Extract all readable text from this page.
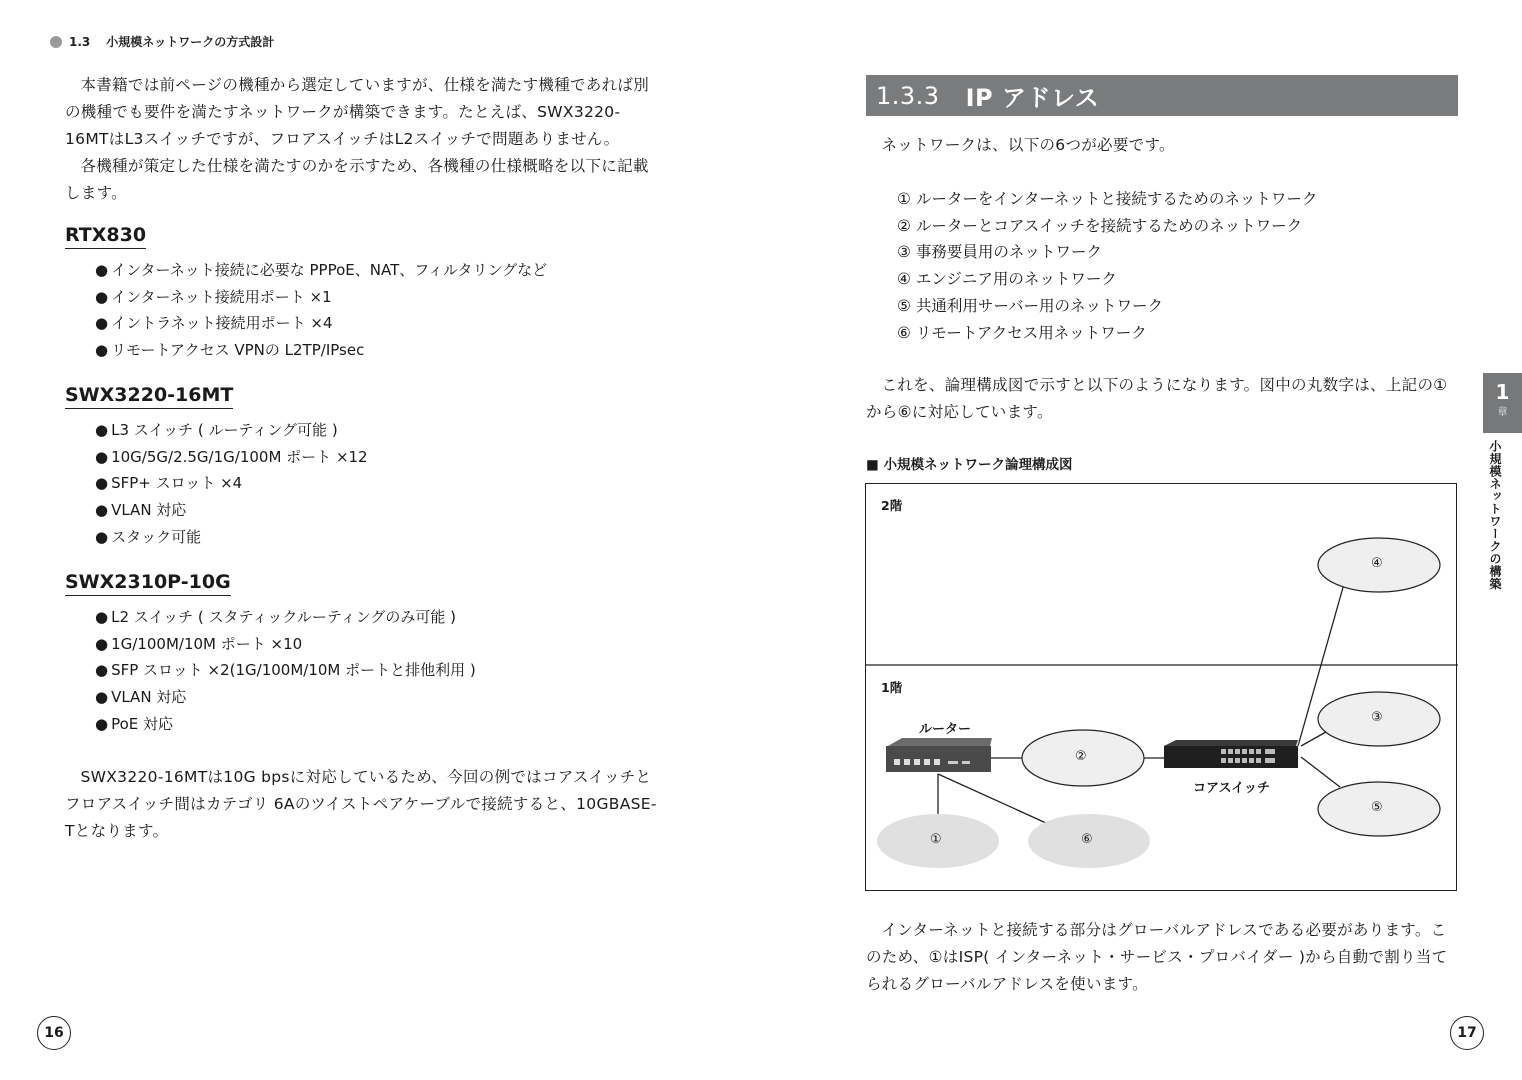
1.3 小規模ネットワークの方式設計

本書籍では前ページの機種から選定していますが、仕様を満たす機種であれば別の機種でも要件を満たすネットワークが構築できます。たとえば、SWX3220-16MTはL3スイッチですが、フロアスイッチはL2スイッチで問題ありません。

各機種が策定した仕様を満たすのかを示すため、各機種の仕様概略を以下に記載します。

RTX830
● インターネット接続に必要な PPPoE、NAT、フィルタリングなど
● インターネット接続用ポート ×1
● イントラネット接続用ポート ×4
● リモートアクセス VPNの L2TP/IPsec
SWX3220-16MT
● L3 スイッチ ( ルーティング可能 )
● 10G/5G/2.5G/1G/100M ポート ×12
● SFP+ スロット ×4
● VLAN 対応
● スタック可能
SWX2310P-10G
● L2 スイッチ ( スタティックルーティングのみ可能 )
● 1G/100M/10M ポート ×10
● SFP スロット ×2(1G/100M/10M ポートと排他利用 )
● VLAN 対応
● PoE 対応

SWX3220-16MTは10G bpsに対応しているため、今回の例ではコアスイッチとフロアスイッチ間はカテゴリ 6Aのツイストペアケーブルで接続すると、10GBASE-Tとなります。

16
1.3.3 IP アドレス

ネットワークは、以下の6つが必要です。

① ルーターをインターネットと接続するためのネットワーク
② ルーターとコアスイッチを接続するためのネットワーク
③ 事務要員用のネットワーク
④ エンジニア用のネットワーク
⑤ 共通利用サーバー用のネットワーク
⑥ リモートアクセス用ネットワーク

これを、論理構成図で示すと以下のようになります。図中の丸数字は、上記の①から⑥に対応しています。

■ 小規模ネットワーク論理構成図
2階
1階
ルーター
コアスイッチ
④
③
⑤
②
①	⑥

インターネットと接続する部分はグローバルアドレスである必要があります。このため、①はISP( インターネット・サービス・プロバイダー )から自動で割り当てられるグローバルアドレスを使います。

1
章
小規模ネットワークの構築
17
